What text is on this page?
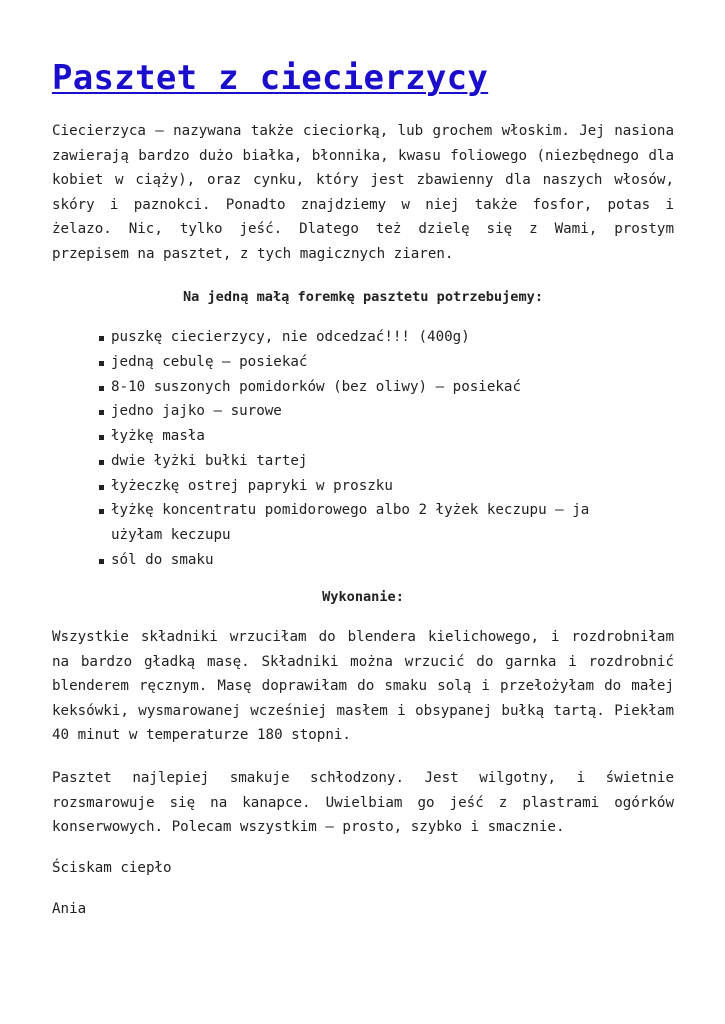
Pasztet z ciecierzycy

Ciecierzyca – nazywana także cieciorką, lub grochem włoskim. Jej nasiona zawierają bardzo dużo białka, błonnika, kwasu foliowego (niezbędnego dla kobiet w ciąży), oraz cynku, który jest zbawienny dla naszych włosów, skóry i paznokci. Ponadto znajdziemy w niej także fosfor, potas i żelazo. Nic, tylko jeść. Dlatego też dzielę się z Wami, prostym przepisem na pasztet, z tych magicznych ziaren.

Na jedną małą foremkę pasztetu potrzebujemy:

puszkę ciecierzycy, nie odcedzać!!! (400g)
jedną cebulę – posiekać
8-10 suszonych pomidorków (bez oliwy) – posiekać
jedno jajko – surowe
łyżkę masła
dwie łyżki bułki tartej
łyżeczkę ostrej papryki w proszku
łyżkę koncentratu pomidorowego albo 2 łyżek keczupu – ja użyłam keczupu
sól do smaku

Wykonanie:

Wszystkie składniki wrzuciłam do blendera kielichowego, i rozdrobniłam na bardzo gładką masę. Składniki można wrzucić do garnka i rozdrobnić blenderem ręcznym. Masę doprawiłam do smaku solą i przełożyłam do małej keksówki, wysmarowanej wcześniej masłem i obsypanej bułką tartą. Piekłam 40 minut w temperaturze 180 stopni.

Pasztet najlepiej smakuje schłodzony. Jest wilgotny, i świetnie rozsmarowuje się na kanapce. Uwielbiam go jeść z plastrami ogórków konserwowych. Polecam wszystkim – prosto, szybko i smacznie.

Ściskam ciepło

Ania
